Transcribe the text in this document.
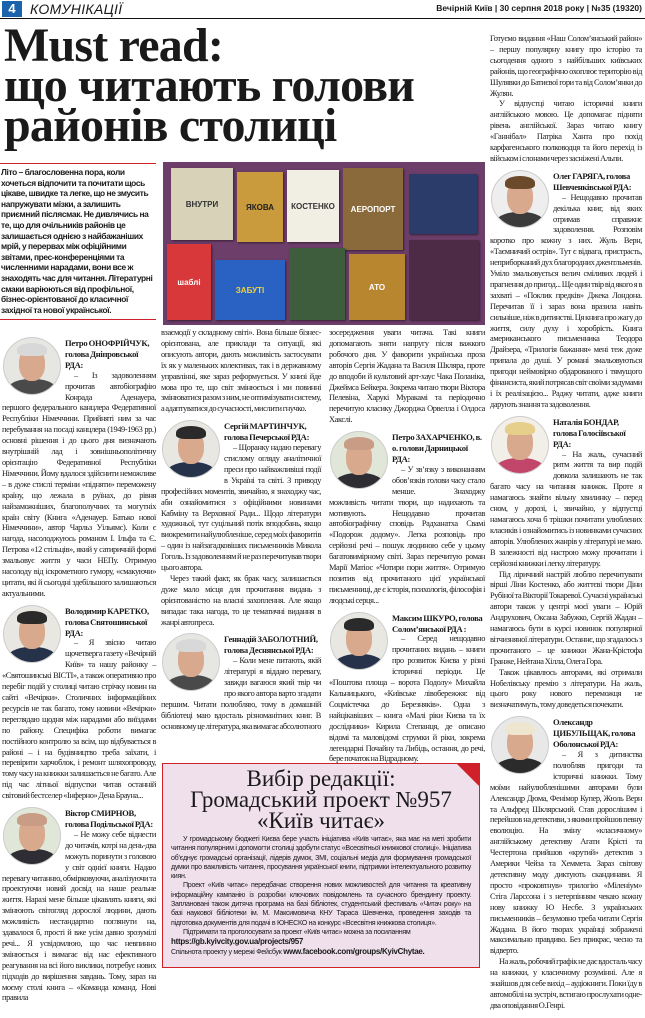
4	КОМУНІКАЦІЇ	Вечірній Київ | 30 серпня 2018 року | №35 (19320)
Must read:
що читають голови
районів столиці
Літо – благословенна пора, коли хочеться відпочити та почитати щось цікаве, швидке та легке, що не змусить напружувати мізки, а залишить приємний післясмак. Не дивлячись на те, що для очільників районів це залишається однією з найбажаніших мрій, у перервах між офіційними звітами, прес-конференціями та численними нарадами, вони все ж знаходять час для читання. Літературні смаки варіюються від профільної, бізнес-орієнтованої до класичної західної та нової української.
ВНУТРИ	ЯКОВА	КОСТЕНКО	АЕРОПОРТ
шаблі
ЗАБУТІ	АТО
Петро ОНОФРІЙЧУК, голова Дніпровської РДА:

– Із задоволенням прочитав автобіографію Конрада Аденауера, першого федерального канцлера Федеративної Республіки Німеччини. Прийняті ним за час перебування на посаді канцлера (1949-1963 рр.) основні рішення і до цього дня визначають внутрішній лад і зовнішньополітичну орієнтацію Федеративної Республіки Німеччини. Йому вдалося здійснити неможливе – в дуже стислі терміни «підняти» переможену країну, що лежала в руїнах, до рівня найзаможніших, благополучних та могутніх країн світу (Книга «Аденауер. Батько нової Німеччини», автор Чарльз Уільямс). Коли є нагода, насолоджуюсь романом І. Ільфа та Є. Петрова «12 стільців», який у сатиричній формі змальовує життя у часи НЕПу. Отримую насолоду від іскрометного гумору, «смакуючи» цитати, які й сьогодні здебільшого залишаються актуальними.

Володимир КАРЕТКО, голова Святошинської РДА:

– Я звісно читаю щочетверга газету «Вечірній Київ» та нашу районку – «Святошинські ВІСТІ», а також оперативно про перебіг подій у столиці читаю стрічку новин на сайті «Вечірки». Столичних інформаційних ресурсів не так багато, тому новини «Вечірки» переглядаю щодня між нарадами або виїздами по району. Специфіка роботи вимагає постійного контролю за всім, що відбувається в районі – і на будівництво треба заїхати, і перевірити харчоблок, і ремонт шляхопроводу, тому часу на книжки залишається не багато. Але під час літньої відпустки читав останній світовий бестселер «Інферно» Дена Брауна...

Віктор СМИРНОВ, голова Подільської РДА:

– Не можу себе віднести до читачів, котрі на день-два можуть поринути з головою у світ однієї книги. Надаю перевагу читанню, обмірковуючи, аналізуючи та проектуючи новий досвід на наше реальне життя. Наразі мене більше цікавлять книги, які змінюють світогляд дорослої людини, дають можливість нестандартно поглянути на, здавалося б, прості й вже усім давно зрозумілі речі... Я усвідомлюю, що час невпинно змінюється і вимагає від нас ефективного реагування на всі його виклики, потребує нових підходів до вирішення завдань. Тому, зараз на моєму столі книга – «Команда команд. Нові правила

взаємодії у складному світі». Вона більше бізнес-орієнтована, але приклади та ситуації, які описують автори, дають можливість застосувати їх як у маленьких колективах, так і в державному управлінні, яке зараз реформується. У книзі йде мова про те, що світ змінюється і ми повинні змінюватися разом з ним, не оптимізувати систему, а адаптуватися до сучасності, мислити гнучко.

Сергій МАРТИНЧУК, голова Печерської РДА:

– Щоранку надаю перевагу стислому огляду аналітичної преси про найважливіші події в Україні та світі. З приводу професійних моментів, звичайно, я знаходжу час, аби ознайомитися з офіційними новинами Кабміну та Верховної Ради... Щодо літератури художньої, тут суцільний потік вподобань, якщо виокремити найулюбленіше, серед моїх фаворитів – один із найзагадковіших письменників Микола Гоголь. Із задоволенням й не раз перечитував твори цього автора.

Через такий факт, як брак часу, залишається дуже мало місця для прочитання видань з орієнтованістю на власні захоплення. Але якщо випадає така нагода, то це тематичні видання в жанрі автопреса.

Геннадій ЗАБОЛОТНИЙ, голова Деснянської РДА:

– Коли мене питають, якій літературі я віддаю перевагу, завжди вагаюся який твір чи про якого автора варто згадати першим. Читати полюбляю, тому в домашній бібліотеці маю вдосталь різноманітних книг. В основному це література, яка вимагає абсолютного

зосередження уваги читача. Такі книги допомагають зняти напругу після важкого робочого дня. У фаворити українська проза авторів Сергія Жадана та Василя Шкляра, проте до вподоби й культовий арт-хаус Чака Поланіка, Джеймса Бейкера. Зокрема читаю твори Віктора Пелевіна, Харукі Муракамі та періодично перечитую класику Джорджа Орвелла і Олдоса Хакслі.

Петро ЗАХАРЧЕНКО, в. о. голови Дарницької РДА:

– У зв’язку з виконанням обов’язків голови часу стало менше. Знаходжу можливість читати твори, що надихають та мотивують. Нещодавно прочитав автобіографічну сповідь Радханатха Свамі «Подорож додому». Легка розповідь про серйозні речі – пошук людиною себе у цьому багатовимірному світі. Зараз перечитую роман Марії Матіос «Чотири пори життя». Отримую позитив від прочитаного цієї української письменниці, де є історія, психологія, філософія і людські серця...

Максим ШКУРО, голова Солом’янської РДА :

– Серед нещодавно прочитаних видань – книги про розвиток Києва у різні історичні періоди. Це «Поштова площа – ворота Подолу» Михайла Кальницького, «Київське лівобережжя: від Соцмістечка до Березняків». Одна з найцікавіших – книга «Малі ріки Києва та їх дослідники» Кирила Степанця, де описано відомі та маловідомі струмки й ріки, зокрема легендарні Почайну та Либідь, остання, до речі, бере початок на Відрадному.

Готуємо видання «Наш Солом’янський район» – першу популярну книгу про історію та сьогодення одного з найбільших київських районів, що географічно охоплює територію від Шулявки до Батиєвої гори та від Солом’янки до Жулян.

У відпустці читаю історичні книги англійською мовою. Це допомагає підняти рівень англійської. Зараз читаю книгу «Ганнібал» Патріка Ханта про похід карфагенського полководця та його перехід із військом і слонами через засніжені Альпи.

Олег ГАРЯГА, голова Шевченківської РДА:

– Нещодавно прочитав декілька книг, від яких отримав справжнє задоволення. Розповім коротко про кожну з них. Жуль Верн, «Таємничий острів». Тут є відвага, пристрасть, неприборканий дух благородних джентльменів. Уміло змальовується велич сміливих людей і прагнення до пригод... Ще один твір від якого я в захваті – «Поклик предків» Джека Лондона. Перечитав її і зараз вона вразила навіть сильніше, ніж в дитинстві. Ця книга про жагу до життя, силу духу і хоробрість. Книга американського письменника Теодора Драйзера, «Трилогія бажання» мені теж дуже припала до душі. У романі змальовуються пригоди неймовірно обдарованого і тямущого фінансиста, який потрясав світ своїми задумами і їх реалізацією... Раджу читати, адже книги дарують знання та задоволення.

Наталія БОНДАР, голова Голосіївської РДА:

– На жаль, сучасний ритм життя та вир подій довкола залишають не так багато часу на читання книжок. Проте я намагаюсь знайти вільну хвилинку – перед сном, у дорозі, і, звичайно, у відпустці намагаюсь хоча б трішки почитати улюблених класиків і ознайомитись із новинками сучасних авторів. Улюблених жанрів у літературі не маю. В залежності від настрою можу прочитати і серйозні книжки і легку літературу.

Під ліричний настрій люблю перечитувати вірші Ліни Костенко, або життєві твори Діни Рубіної та Вікторії Токаревої. Сучасні українські автори також у центрі моєї уваги – Юрій Андрухович, Оксана Забужко, Сергій Жадан – намагаюсь бути в курсі новинок популярної вітчизняної літератури. Останнє, що згадалось з прочитаного – це книжки Жана-Крістофа Гранже, Нейтана Хілла, Олега Гора.

Також цікавлюсь авторами, які отримали Нобелівську премію з літератури. На жаль, цього року нового переможця не визначатимуть, тому доведеться почекати.

Олександр ЦИБУЛЬЩАК, голова Оболонської РДА:

– Я з дитинства полюбляв пригоди та історичні книжки. Тому моїми найулюбленішими авторами були Александр Дюма, Фенімор Купер, Жюль Верн та Альфред Шклярський. Став дорослішим і перейшов на детективи, з якими пройшов певну еволюцію. На зміну «класичному» англійському детективу Агати Крісті та Честертона прийшов «крутий» детектив з Америки Чейза та Хеммета. Зараз світову детективну моду диктують скандинави. Я просто «проковтнув» трилогію «Міленіум» Стіга Ларссона і з нетерпінням чекаю кожну нову книжку Ю Несбе. З українських письменників – безумовно треба читати Сергія Жадана. В його творах українці зображені максимально правдиво. Без прикрас, чесно та відверто.

На жаль, робочий графік не дає вдосталь часу на книжки, у класичному розумінні. Але я знайшов для себе вихід – аудіокниги. Поки їду в автомобілі на зустріч, встигаю прослухати одне-два оповідання О.Генрі.

Вибір редакції:
Громадський проект №957
«Київ читає»

У громадському бюджеті Києва бере участь ініціатива «Київ читає», яка має на меті зробити читання популярним і допомогти столиці здобути статус «Всесвітньої книжкової столиці». Ініціатива об’єднує громадські організації, лідерів думок, ЗМІ, соціальні медіа для формування громадської думки про важливість читання, просування української книги, підтримки інтелектуального розвитку киян.

Проект «Київ читає» передбачає створення нових можливостей для читання та креативну інформаційну кампанію із розробки ключових повідомлень та сучасного брендингу проекту. Заплановані також дитяча програма на базі бібліотек, студентський фестиваль «Читач року» на базі наукової бібліотеки ім. М. Максимовича КНУ Тараса Шевченка, проведення заходів та підготовка документів для подачі в ЮНЕСКО на конкурс «Всесвітня книжкова столиця».

Підтримати та проголосувати за проект «Київ читає» можна за посиланням

https://gb.kyivcity.gov.ua/projects/957
Спільнота проекту у мережі Фейсбук www.facebook.com/groups/KyivChytae.
